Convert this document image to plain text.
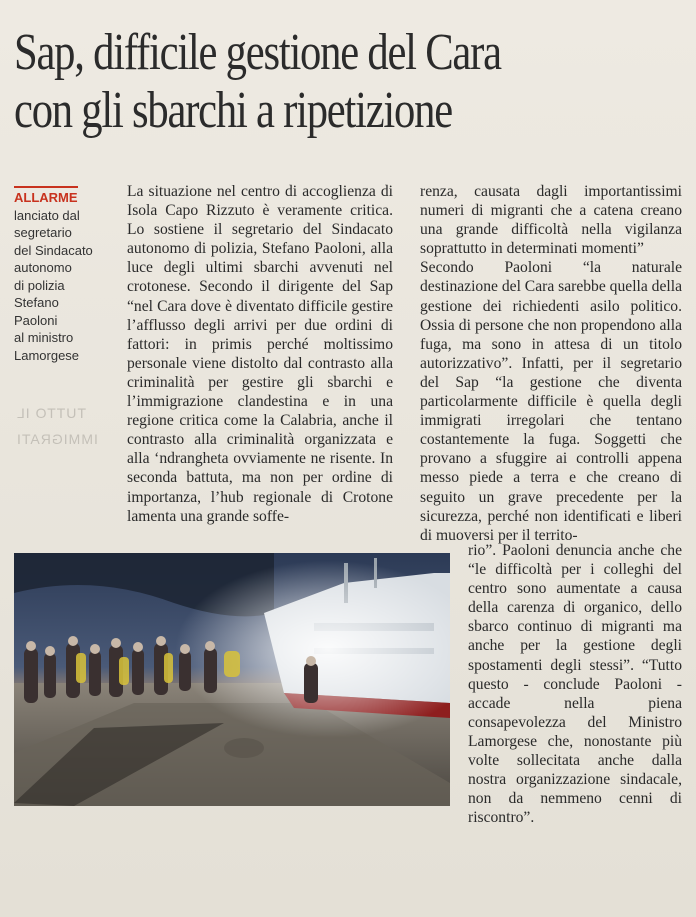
Sap, difficile gestione del Cara
con gli sbarchi a ripetizione
ALLARME
lanciato dal
segretario
del Sindacato
autonomo
di polizia
Stefano
Paoloni
al ministro
Lamorgese
TUTTO IL
IMMIGRATI

La situazione nel centro di accoglienza di Isola Capo Rizzuto è veramente critica. Lo sostiene il segretario del Sindacato autonomo di polizia, Stefano Paoloni, alla luce degli ultimi sbarchi avvenuti nel crotonese. Secondo il dirigente del Sap “nel Cara dove è diventato difficile gestire l’afflusso degli arrivi per due ordini di fattori: in primis perché moltissimo personale viene distolto dal contrasto alla criminalità per gestire gli sbarchi e l’immigrazione clandestina e in una regione critica come la Calabria, anche il contrasto alla criminalità organizzata e alla ‘ndrangheta ovviamente ne risente. In seconda battuta, ma non per ordine di importanza, l’hub regionale di Crotone lamenta una grande soffe-

renza, causata dagli importantissimi numeri di migranti che a catena creano una grande difficoltà nella vigilanza soprattutto in determinati momenti”

Secondo Paoloni “la naturale destinazione del Cara sarebbe quella della gestione dei richiedenti asilo politico. Ossia di persone che non propendono alla fuga, ma sono in attesa di un titolo autorizzativo”. Infatti, per il segretario del Sap “la gestione che diventa particolarmente difficile è quella degli immigrati irregolari che tentano costantemente la fuga. Soggetti che provano a sfuggire ai controlli appena messo piede a terra e che creano di seguito un grave precedente per la sicurezza, perché non identificati e liberi di muoversi per il territo-

rio”. Paoloni denuncia anche che “le difficoltà per i colleghi del centro sono aumentate a causa della carenza di organico, dello sbarco continuo di migranti ma anche per la gestione degli spostamenti degli stessi”. “Tutto questo - conclude Paoloni - accade nella piena consapevolezza del Ministro Lamorgese che, nonostante più volte sollecitata anche dalla nostra organizzazione sindacale, non da nemmeno cenni di riscontro”.
